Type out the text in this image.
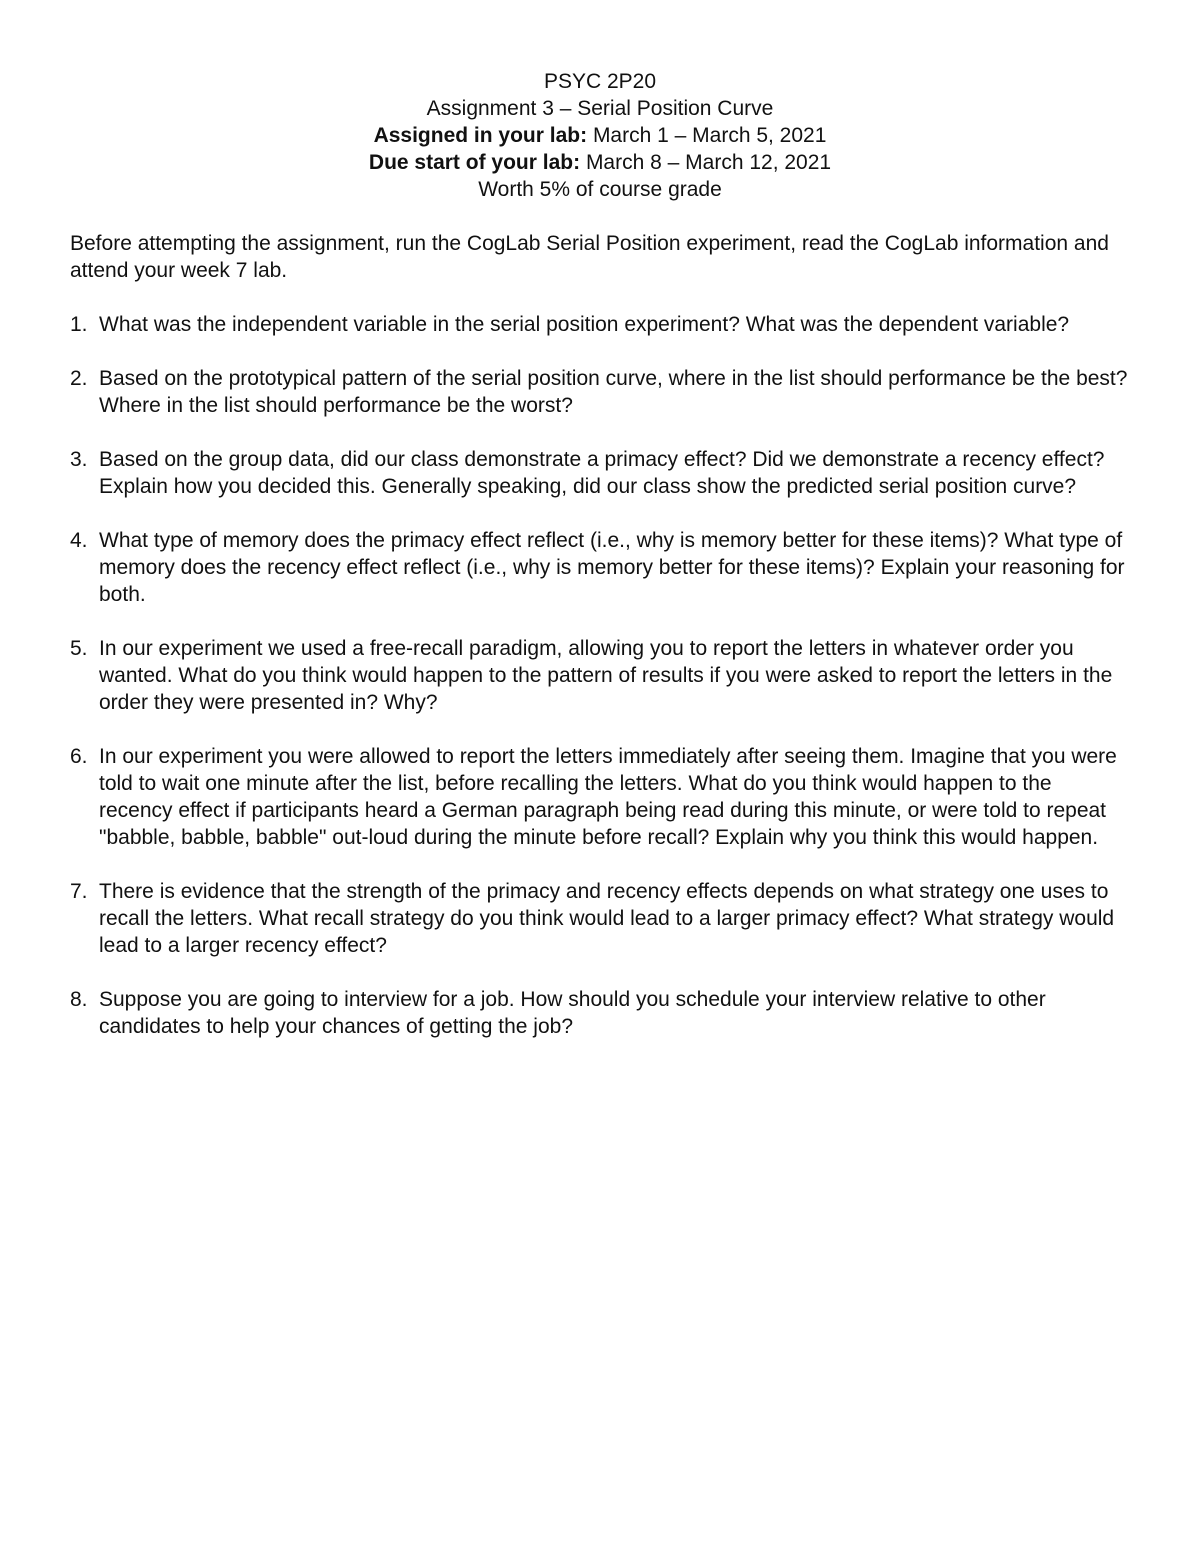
PSYC 2P20
Assignment 3 – Serial Position Curve
Assigned in your lab: March 1 – March 5, 2021
Due start of your lab: March 8 – March 12, 2021
Worth 5% of course grade

Before attempting the assignment, run the CogLab Serial Position experiment, read the CogLab information and attend your week 7 lab.

1. What was the independent variable in the serial position experiment? What was the dependent variable?
2. Based on the prototypical pattern of the serial position curve, where in the list should performance be the best? Where in the list should performance be the worst?
3. Based on the group data, did our class demonstrate a primacy effect? Did we demonstrate a recency effect? Explain how you decided this. Generally speaking, did our class show the predicted serial position curve?
4. What type of memory does the primacy effect reflect (i.e., why is memory better for these items)? What type of memory does the recency effect reflect (i.e., why is memory better for these items)? Explain your reasoning for both.
5. In our experiment we used a free-recall paradigm, allowing you to report the letters in whatever order you wanted. What do you think would happen to the pattern of results if you were asked to report the letters in the order they were presented in? Why?
6. In our experiment you were allowed to report the letters immediately after seeing them. Imagine that you were told to wait one minute after the list, before recalling the letters. What do you think would happen to the recency effect if participants heard a German paragraph being read during this minute, or were told to repeat "babble, babble, babble" out-loud during the minute before recall? Explain why you think this would happen.
7. There is evidence that the strength of the primacy and recency effects depends on what strategy one uses to recall the letters. What recall strategy do you think would lead to a larger primacy effect? What strategy would lead to a larger recency effect?
8. Suppose you are going to interview for a job. How should you schedule your interview relative to other candidates to help your chances of getting the job?
